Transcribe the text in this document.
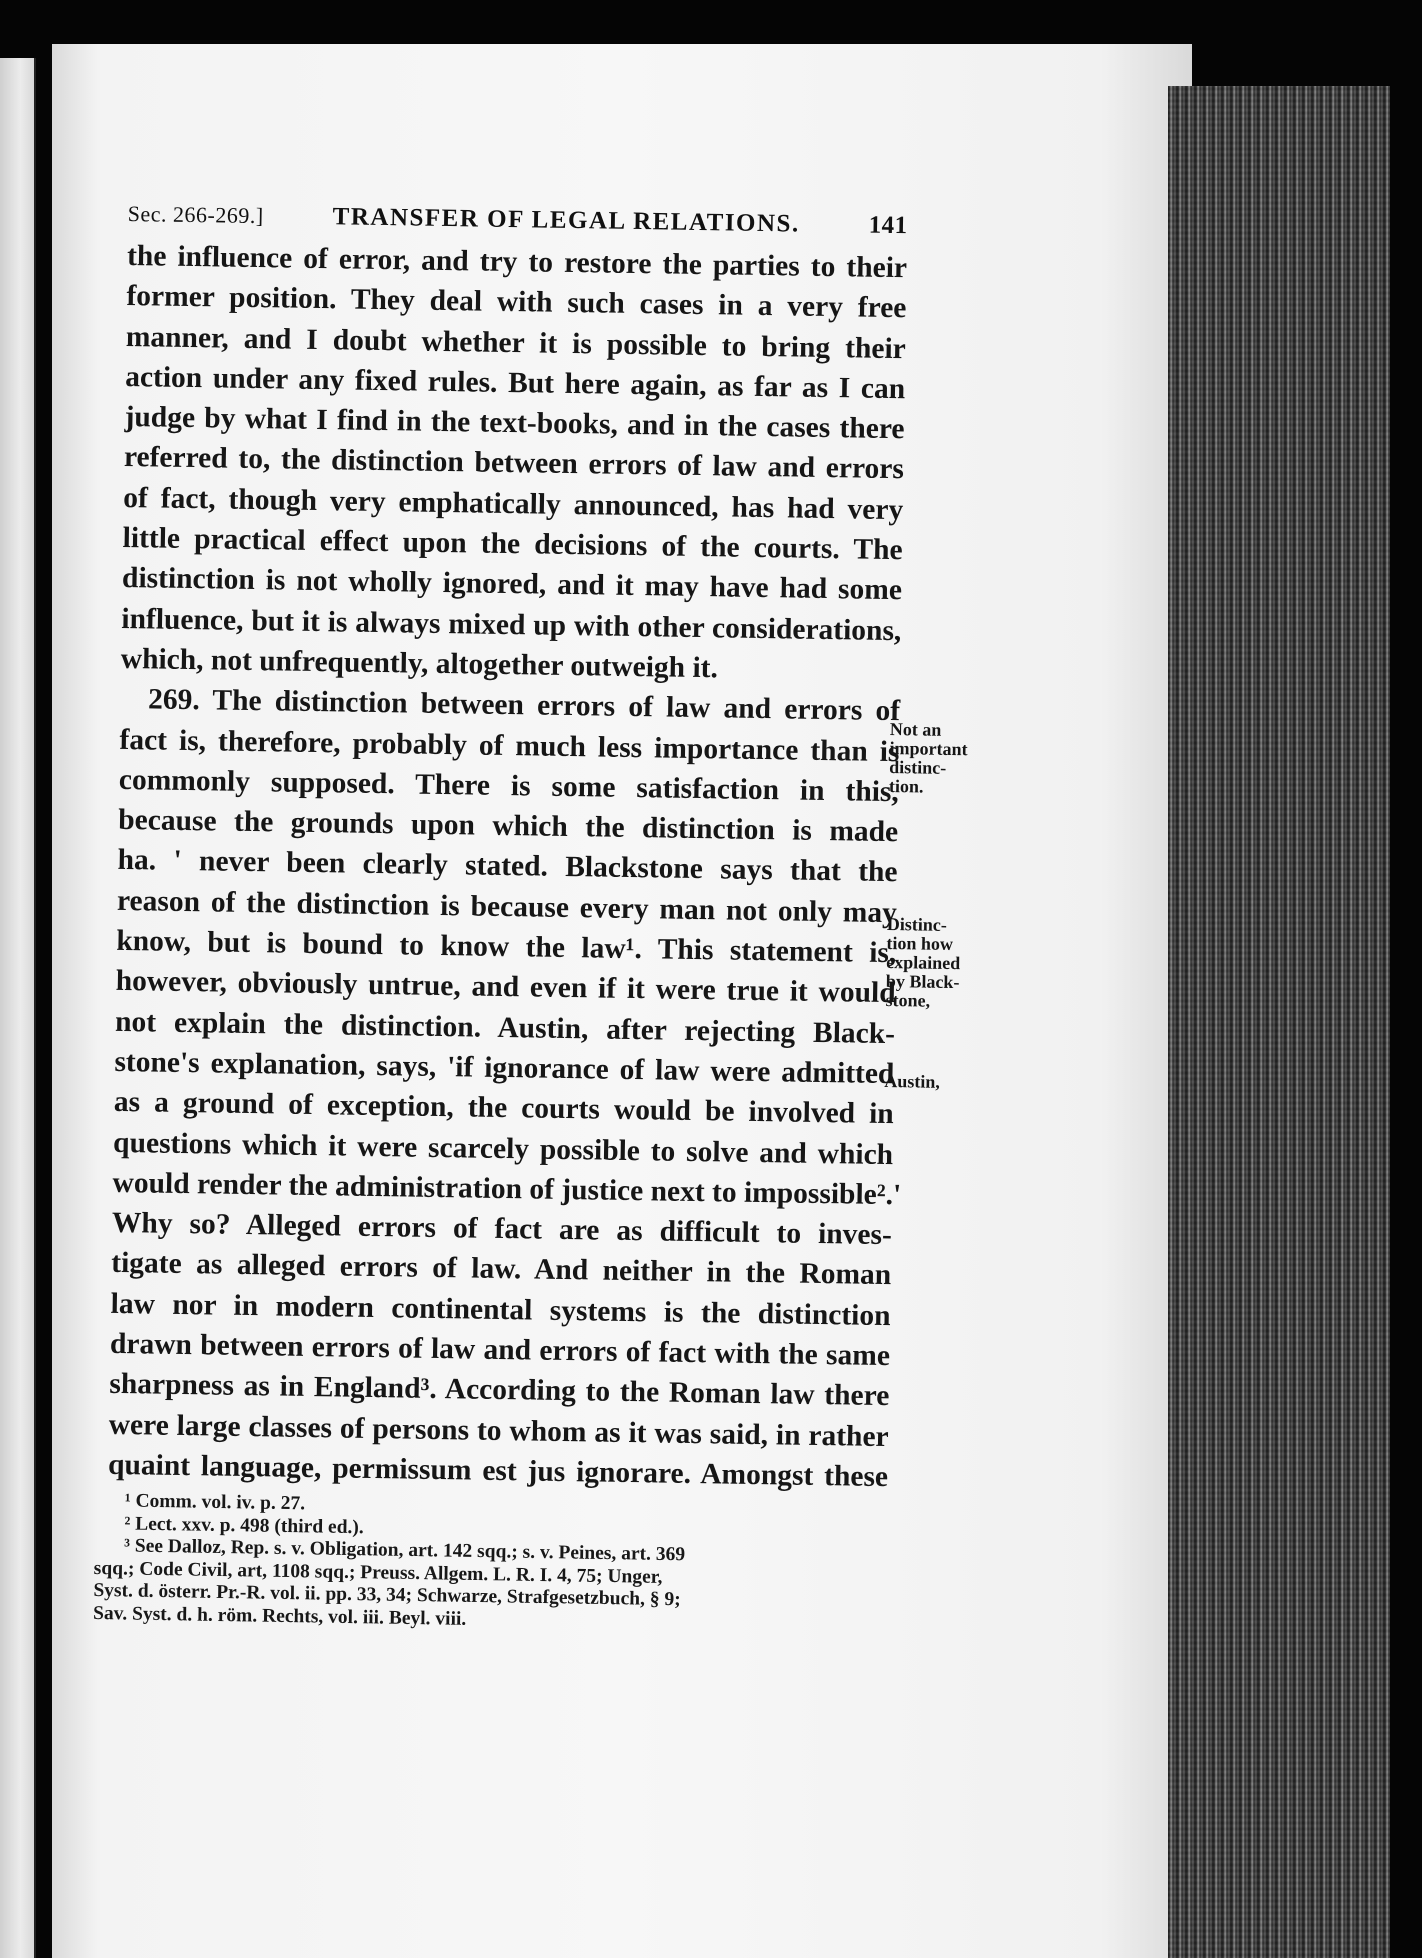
Sec. 266-269.]	TRANSFER OF LEGAL RELATIONS.	141
the influence of error, and try to restore the parties to their
former position. They deal with such cases in a very free
manner, and I doubt whether it is possible to bring their
action under any fixed rules. But here again, as far as I can
judge by what I find in the text-books, and in the cases there
referred to, the distinction between errors of law and errors
of fact, though very emphatically announced, has had very
little practical effect upon the decisions of the courts. The
distinction is not wholly ignored, and it may have had some
influence, but it is always mixed up with other considerations,
which, not unfrequently, altogether outweigh it.
269. The distinction between errors of law and errors of
fact is, therefore, probably of much less importance than is
commonly supposed. There is some satisfaction in this,
because the grounds upon which the distinction is made
ha. ' never been clearly stated. Blackstone says that the
reason of the distinction is because every man not only may
know, but is bound to know the law¹. This statement is,
however, obviously untrue, and even if it were true it would
not explain the distinction. Austin, after rejecting Black-
stone's explanation, says, 'if ignorance of law were admitted
as a ground of exception, the courts would be involved in
questions which it were scarcely possible to solve and which
would render the administration of justice next to impossible².'
Why so? Alleged errors of fact are as difficult to inves-
tigate as alleged errors of law. And neither in the Roman
law nor in modern continental systems is the distinction
drawn between errors of law and errors of fact with the same
sharpness as in England³. According to the Roman law there
were large classes of persons to whom as it was said, in rather
quaint language, permissum est jus ignorare. Amongst these
Not an
important
distinc-
tion.
Distinc-
tion how
explained
by Black-
stone,
Austin,
¹ Comm. vol. iv. p. 27.
² Lect. xxv. p. 498 (third ed.).
³ See Dalloz, Rep. s. v. Obligation, art. 142 sqq.; s. v. Peines, art. 369
sqq.; Code Civil, art, 1108 sqq.; Preuss. Allgem. L. R. I. 4, 75; Unger,
Syst. d. österr. Pr.-R. vol. ii. pp. 33, 34; Schwarze, Strafgesetzbuch, § 9;
Sav. Syst. d. h. röm. Rechts, vol. iii. Beyl. viii.
